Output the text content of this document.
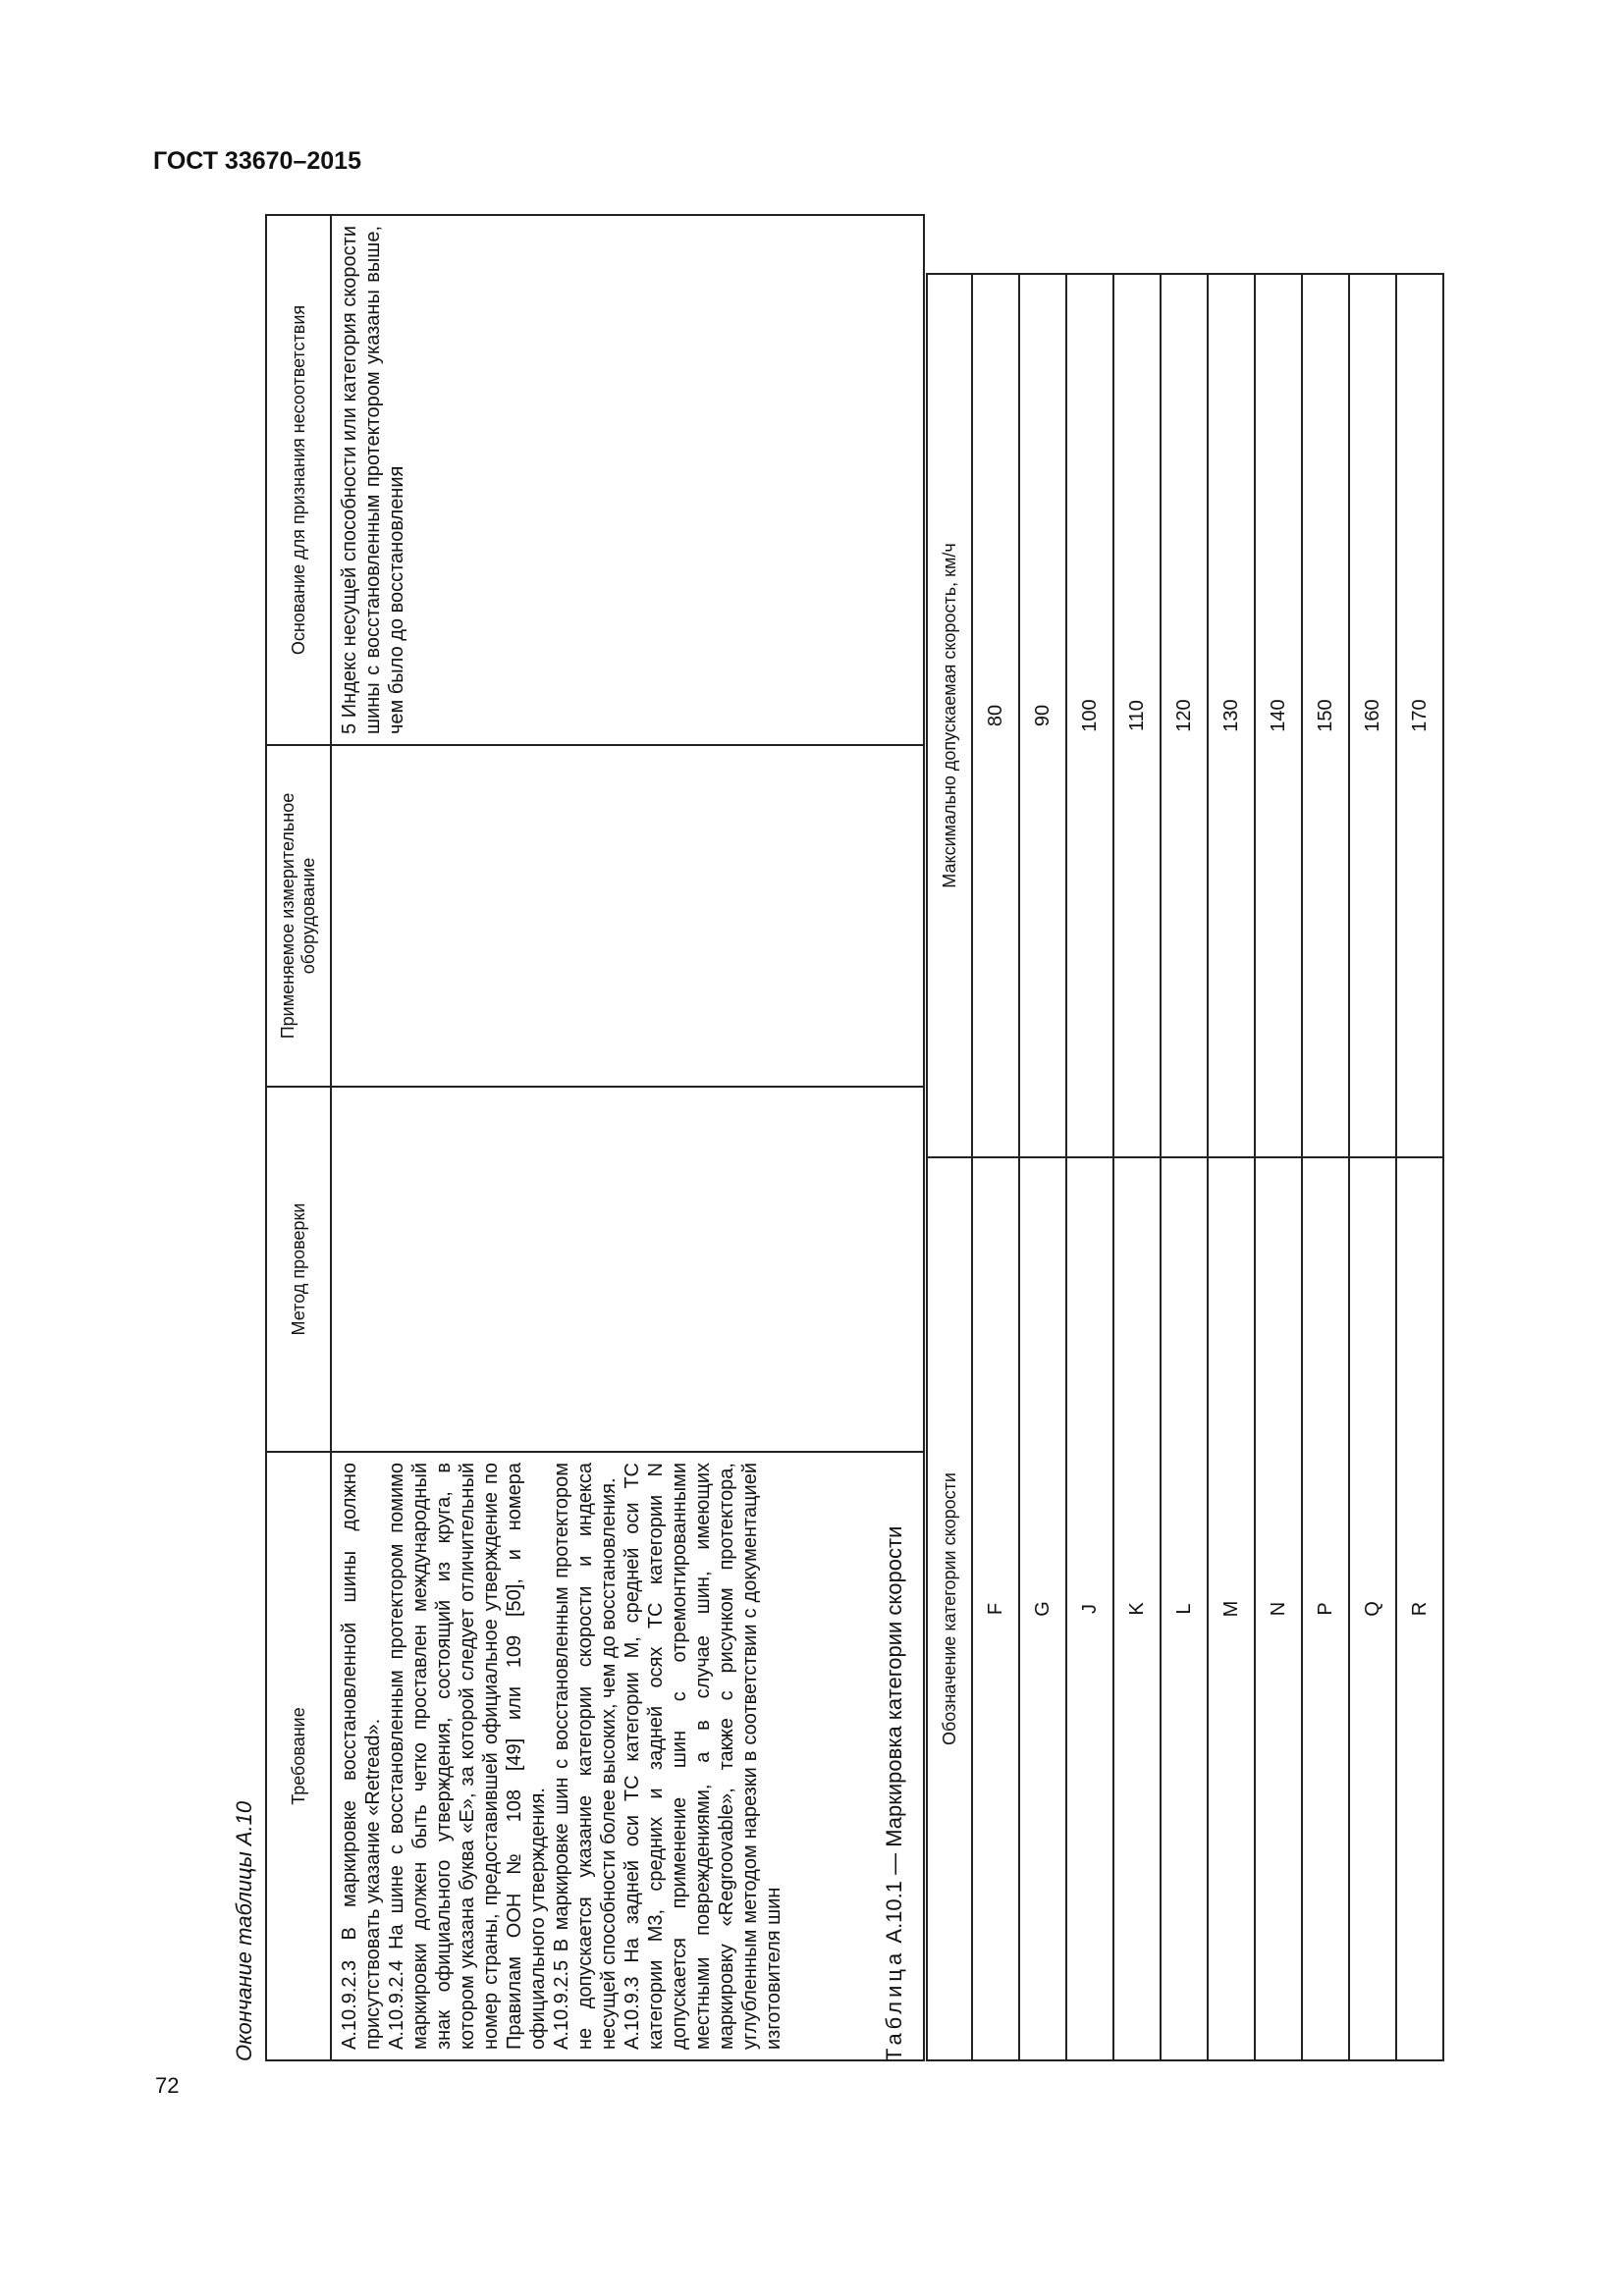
ГОСТ 33670–2015
72
Окончание таблицы А.10
Требование	Метод проверки	Применяемое измерительное оборудование	Основание для признания несоответствия

А.10.9.2.3 В маркировке восстановленной шины должно присутствовать указание «Retread». А.10.9.2.4 На шине с восстановленным протектором помимо маркировки должен быть четко проставлен международный знак официального утверждения, состоящий из круга, в котором указана буква «Е», за которой следует отличительный номер страны, предоставившей официальное утверждение по Правилам ООН № 108 [49] или 109 [50], и номера официального утверждения. А.10.9.2.5 В маркировке шин с восстановленным протектором не допускается указание категории скорости и индекса несущей способности более высоких, чем до восстановления. А.10.9.3 На задней оси ТС категории М, средней оси ТС категории М3, средних и задней осях ТС категории N допускается применение шин с отремонтированными местными повреждениями, а в случае шин, имеющих маркировку «Regroovable», также с рисунком протектора, углубленным методом нарезки в соответствии с документацией изготовителя шин			5 Индекс несущей способности или категория скорости шины с восстановленным протектором указаны выше, чем было до восстановления

Таблица А.10.1 — Маркировка категории скорости Обозначение категории скорости	Максимально допускаемая скорость, км/ч
F	80
G	90
J	100
K	110
L	120
M	130
N	140
P	150
Q	160
R	170
